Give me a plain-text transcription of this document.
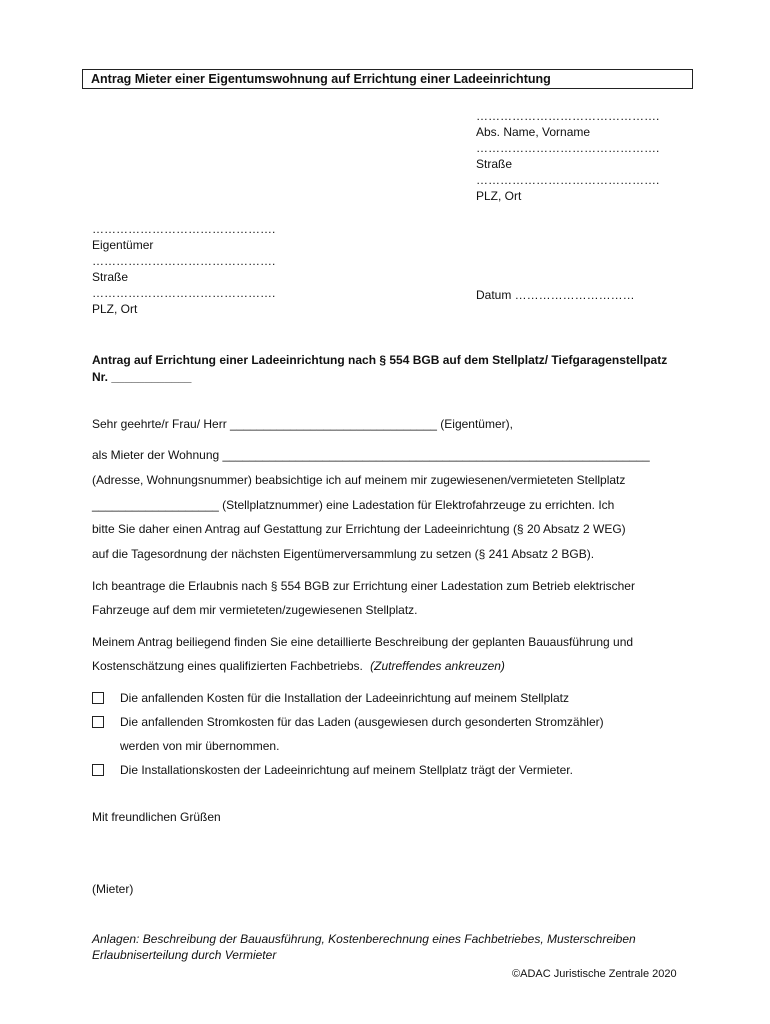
Antrag Mieter einer Eigentumswohnung auf Errichtung einer Ladeeinrichtung
……………………………………….
Abs. Name, Vorname
……………………………………….
Straße
……………………………………….
PLZ, Ort
……………………………………….
Eigentümer
……………………………………….
Straße
……………………………………….
PLZ, Ort
Datum …………………………
Antrag auf Errichtung einer Ladeeinrichtung nach § 554 BGB auf dem Stellplatz/ Tiefgaragenstellpatz
Nr. ____________
Sehr geehrte/r Frau/ Herr _______________________________ (Eigentümer),
als Mieter der Wohnung ________________________________________________________________
(Adresse, Wohnungsnummer) beabsichtige ich auf meinem mir zugewiesenen/vermieteten Stellplatz
___________________ (Stellplatznummer) eine Ladestation für Elektrofahrzeuge zu errichten. Ich
bitte Sie daher einen Antrag auf Gestattung zur Errichtung der Ladeeinrichtung (§ 20 Absatz 2 WEG)
auf die Tagesordnung der nächsten Eigentümerversammlung zu setzen (§ 241 Absatz 2 BGB).
Ich beantrage die Erlaubnis nach § 554 BGB zur Errichtung einer Ladestation zum Betrieb elektrischer
Fahrzeuge auf dem mir vermieteten/zugewiesenen Stellplatz.
Meinem Antrag beiliegend finden Sie eine detaillierte Beschreibung der geplanten Bauausführung und
Kostenschätzung eines qualifizierten Fachbetriebs. (Zutreffendes ankreuzen)
Die anfallenden Kosten für die Installation der Ladeeinrichtung auf meinem Stellplatz
Die anfallenden Stromkosten für das Laden (ausgewiesen durch gesonderten Stromzähler)
werden von mir übernommen.
Die Installationskosten der Ladeeinrichtung auf meinem Stellplatz trägt der Vermieter.
Mit freundlichen Grüßen
(Mieter)
Anlagen: Beschreibung der Bauausführung, Kostenberechnung eines Fachbetriebes, Musterschreiben
Erlaubniserteilung durch Vermieter
©ADAC Juristische Zentrale 2020
